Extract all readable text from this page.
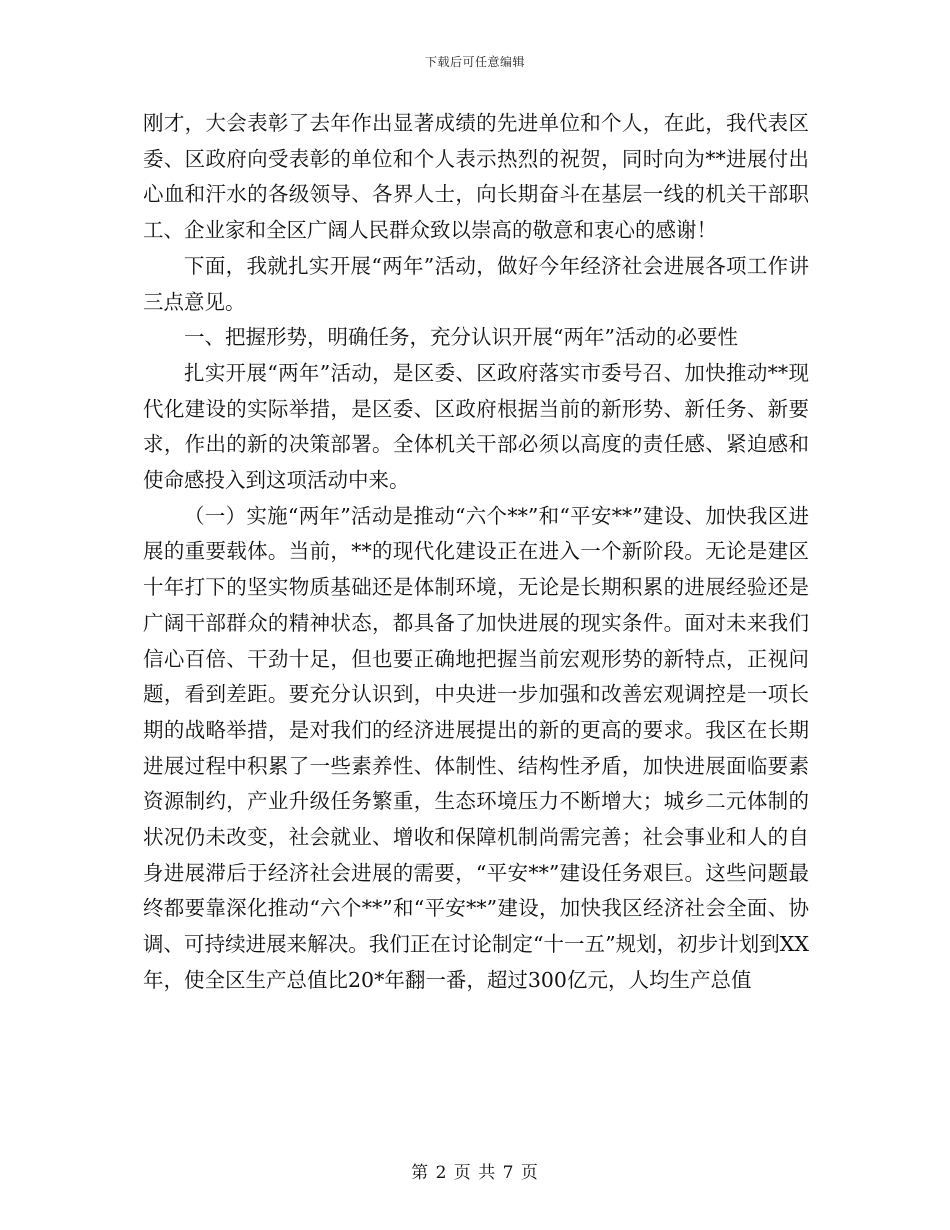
下载后可任意编辑

刚才，大会表彰了去年作出显著成绩的先进单位和个人，在此，我代表区委、区政府向受表彰的单位和个人表示热烈的祝贺，同时向为**进展付出心血和汗水的各级领导、各界人士，向长期奋斗在基层一线的机关干部职工、企业家和全区广阔人民群众致以崇高的敬意和衷心的感谢！

下面，我就扎实开展“两年”活动，做好今年经济社会进展各项工作讲三点意见。

一、把握形势，明确任务，充分认识开展“两年”活动的必要性

扎实开展“两年”活动，是区委、区政府落实市委号召、加快推动**现代化建设的实际举措，是区委、区政府根据当前的新形势、新任务、新要求，作出的新的决策部署。全体机关干部必须以高度的责任感、紧迫感和使命感投入到这项活动中来。

（一）实施“两年”活动是推动“六个**”和“平安**”建设、加快我区进展的重要载体。当前，**的现代化建设正在进入一个新阶段。无论是建区十年打下的坚实物质基础还是体制环境，无论是长期积累的进展经验还是广阔干部群众的精神状态，都具备了加快进展的现实条件。面对未来我们信心百倍、干劲十足，但也要正确地把握当前宏观形势的新特点，正视问题，看到差距。要充分认识到，中央进一步加强和改善宏观调控是一项长期的战略举措，是对我们的经济进展提出的新的更高的要求。我区在长期进展过程中积累了一些素养性、体制性、结构性矛盾，加快进展面临要素资源制约，产业升级任务繁重，生态环境压力不断增大；城乡二元体制的状况仍未改变，社会就业、增收和保障机制尚需完善；社会事业和人的自身进展滞后于经济社会进展的需要，“平安**”建设任务艰巨。这些问题最终都要靠深化推动“六个**”和“平安**”建设，加快我区经济社会全面、协调、可持续进展来解决。我们正在讨论制定“十一五”规划，初步计划到XX年，使全区生产总值比20*年翻一番，超过300亿元，人均生产总值

第 2 页 共 7 页
